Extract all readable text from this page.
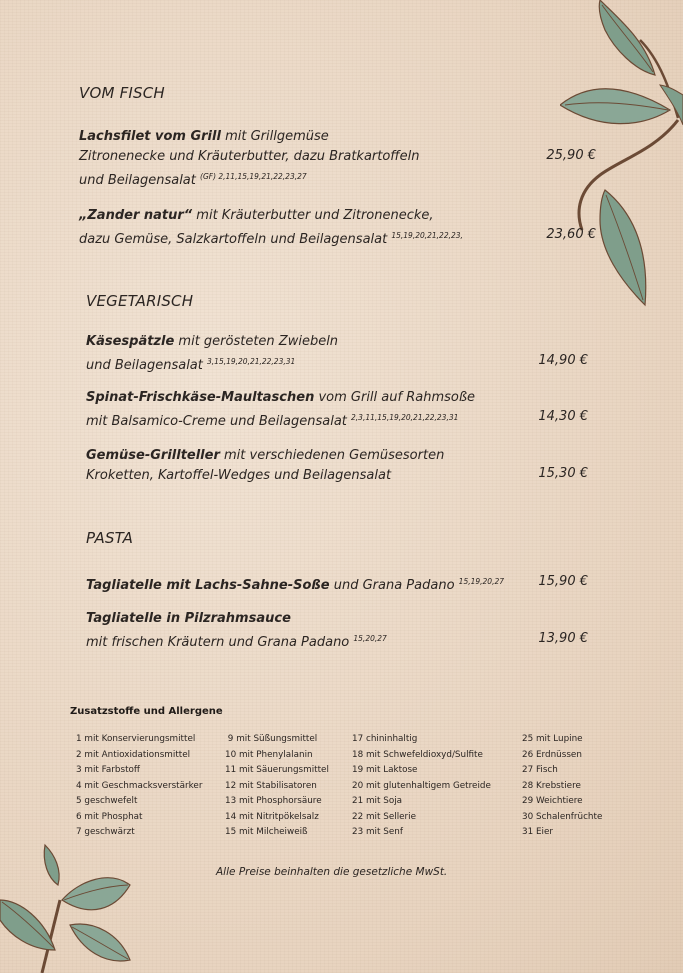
VOM FISCH
Lachsfilet vom Grill mit Grillgemüse
Zitronenecke und Kräuterbutter, dazu Bratkartoffeln
und Beilagensalat $^{(GF) 2,11,15,19,21,22,23,27}$
25,90 €
„Zander natur“ mit Kräuterbutter und Zitronenecke,
dazu Gemüse, Salzkartoffeln und Beilagensalat $^{15,19,20,21,22,23,}$	23,60 €
VEGETARISCH
Käsespätzle mit gerösteten Zwiebeln
und Beilagensalat $^{3,15,19,20,21,22,23,31}$	14,90 €
Spinat-Frischkäse-Maultaschen vom Grill auf Rahmsoße
mit Balsamico-Creme und Beilagensalat $^{2,3,11,15,19,20,21,22,23,31}$	14,30 €
Gemüse-Grillteller mit verschiedenen Gemüsesorten
Kroketten, Kartoffel-Wedges und Beilagensalat	15,30 €
PASTA
Tagliatelle mit Lachs-Sahne-Soße und Grana Padano $^{15,19,20,27}$	15,90 €
Tagliatelle in Pilzrahmsauce
mit frischen Kräutern und Grana Padano $^{15,20,27}$	13,90 €
Zusatzstoffe und Allergene
1 mit Konservierungsmittel
2 mit Antioxidationsmittel
3 mit Farbstoff
4 mit Geschmacksverstärker
5 geschwefelt
6 mit Phosphat
7 geschwärzt
9 mit Süßungsmittel
10 mit Phenylalanin
11 mit Säuerungsmittel
12 mit Stabilisatoren
13 mit Phosphorsäure
14 mit Nitritpökelsalz
15 mit Milcheiweiß
17 chininhaltig
18 mit Schwefeldioxyd/Sulfite
19 mit Laktose
20 mit glutenhaltigem Getreide
21 mit Soja
22 mit Sellerie
23 mit Senf
25 mit Lupine
26 Erdnüssen
27 Fisch
28 Krebstiere
29 Weichtiere
30 Schalenfrüchte
31 Eier
Alle Preise beinhalten die gesetzliche MwSt.
